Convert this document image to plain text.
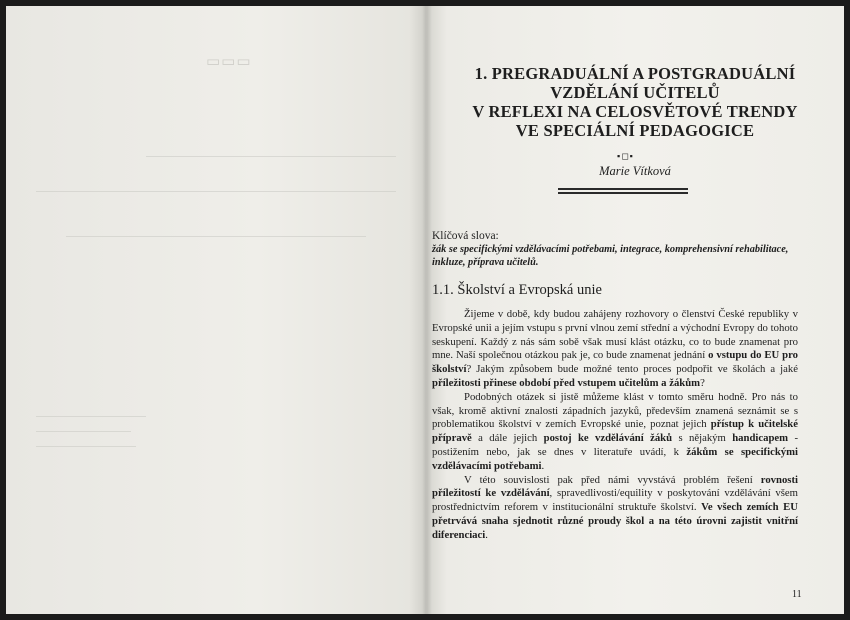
▭▭▭
1. PREGRADUÁLNÍ A POSTGRADUÁLNÍ
VZDĚLÁNÍ UČITELŮ
V REFLEXI NA CELOSVĚTOVÉ TRENDY
VE SPECIÁLNÍ PEDAGOGICE
▪◻▪
Marie Vítková
Klíčová slova:
žák se specifickými vzdělávacími potřebami, integrace, komprehensivní rehabilitace, inkluze, příprava učitelů.
1.1. Školství a Evropská unie

Žijeme v době, kdy budou zahájeny rozhovory o členství České republiky v Evropské unii a jejím vstupu s první vlnou zemí střední a východní Evropy do tohoto seskupení. Každý z nás sám sobě však musí klást otázku, co to bude znamenat pro mne. Naší společnou otázkou pak je, co bude znamenat jednání o vstupu do EU pro školství? Jakým způsobem bude možné tento proces podpořit ve školách a jaké příležitosti přinese období před vstupem učitelům a žákům?

Podobných otázek si jistě můžeme klást v tomto směru hodně. Pro nás to však, kromě aktivní znalosti západních jazyků, především znamená seznámit se s problematikou školství v zemích Evropské unie, poznat jejich přístup k učitelské přípravě a dále jejich postoj ke vzdělávání žáků s nějakým handicapem - postižením nebo, jak se dnes v literatuře uvádí, k žákům se specifickými vzdělávacími potřebami.

V této souvislosti pak před námi vyvstává problém řešení rovnosti příležitostí ke vzdělávání, spravedlivosti/equility v poskytování vzdělávání všem prostřednictvím reforem v institucionální struktuře školství. Ve všech zemích EU přetrvává snaha sjednotit různé proudy škol a na této úrovni zajistit vnitřní diferenciaci.

11
